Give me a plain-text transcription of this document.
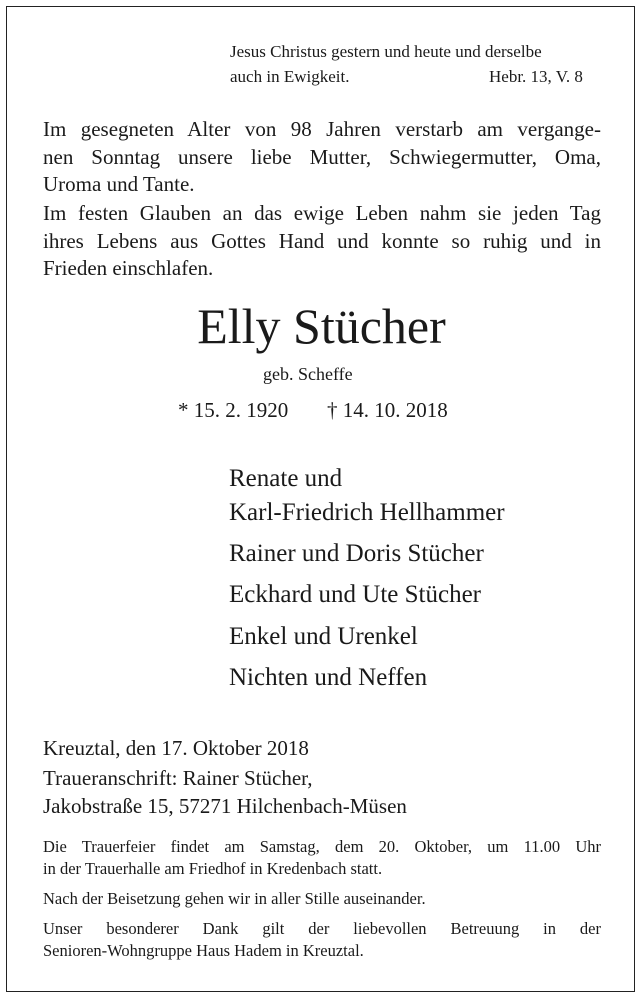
Jesus Christus gestern und heute und derselbe
auch in Ewigkeit.	Hebr. 13, V. 8
Im gesegneten Alter von 98 Jahren verstarb am vergange-
nen Sonntag unsere liebe Mutter, Schwiegermutter, Oma,
Uroma und Tante.
Im festen Glauben an das ewige Leben nahm sie jeden Tag
ihres Lebens aus Gottes Hand und konnte so ruhig und in
Frieden einschlafen.
Elly Stücher
geb. Scheffe
* 15. 2. 1920 † 14. 10. 2018
Renate und
Karl-Friedrich Hellhammer
Rainer und Doris Stücher
Eckhard und Ute Stücher
Enkel und Urenkel
Nichten und Neffen
Kreuztal, den 17. Oktober 2018
Traueranschrift: Rainer Stücher,
Jakobstraße 15, 57271 Hilchenbach-Müsen
Die Trauerfeier findet am Samstag, dem 20. Oktober, um 11.00 Uhr
in der Trauerhalle am Friedhof in Kredenbach statt.
Nach der Beisetzung gehen wir in aller Stille auseinander.
Unser besonderer Dank gilt der liebevollen Betreuung in der
Senioren-Wohngruppe Haus Hadem in Kreuztal.
